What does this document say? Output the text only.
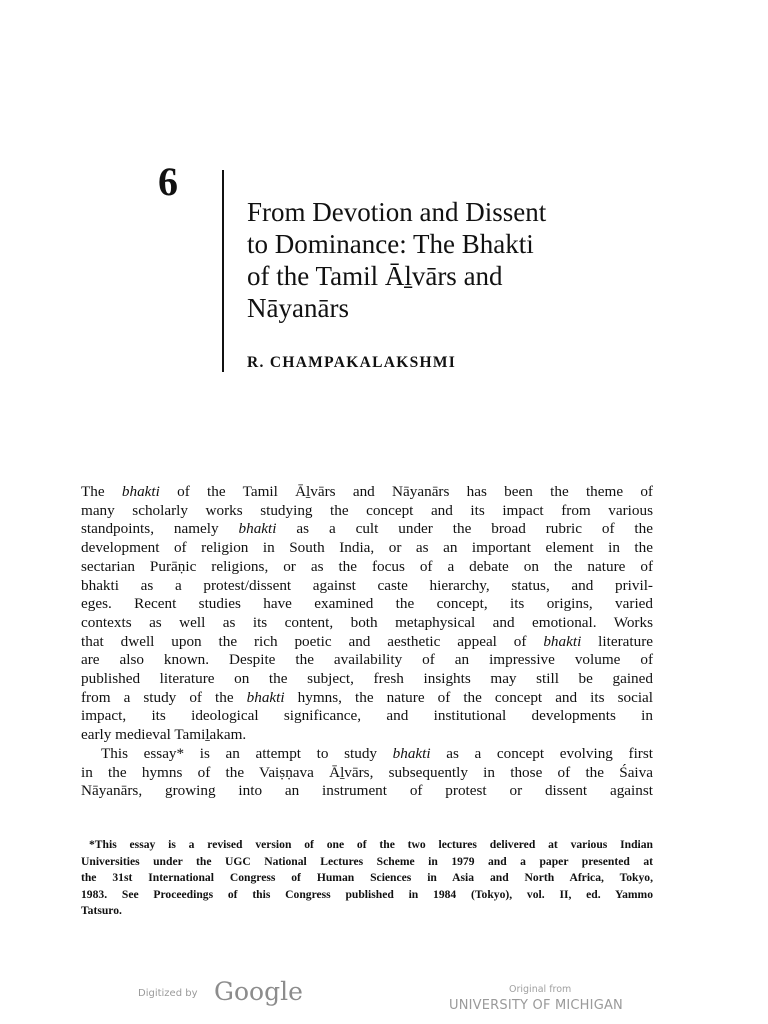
6
From Devotion and Dissent
to Dominance: The Bhakti
of the Tamil Āḻvārs and
Nāyanārs
R. CHAMPAKALAKSHMI
The bhakti of the Tamil Āḻvārs and Nāyanārs has been the theme of
many scholarly works studying the concept and its impact from various
standpoints, namely bhakti as a cult under the broad rubric of the
development of religion in South India, or as an important element in the
sectarian Purāṇic religions, or as the focus of a debate on the nature of
bhakti as a protest/dissent against caste hierarchy, status, and privil-
eges. Recent studies have examined the concept, its origins, varied
contexts as well as its content, both metaphysical and emotional. Works
that dwell upon the rich poetic and aesthetic appeal of bhakti literature
are also known. Despite the availability of an impressive volume of
published literature on the subject, fresh insights may still be gained
from a study of the bhakti hymns, the nature of the concept and its social
impact, its ideological significance, and institutional developments in
early medieval Tamiḻakam.
This essay* is an attempt to study bhakti as a concept evolving first
in the hymns of the Vaiṣṇava Āḻvārs, subsequently in those of the Śaiva
Nāyanārs, growing into an instrument of protest or dissent against
*This essay is a revised version of one of the two lectures delivered at various Indian
Universities under the UGC National Lectures Scheme in 1979 and a paper presented at
the 31st International Congress of Human Sciences in Asia and North Africa, Tokyo,
1983. See Proceedings of this Congress published in 1984 (Tokyo), vol. II, ed. Yammo
Tatsuro.
Digitized by Google	Original from
UNIVERSITY OF MICHIGAN
